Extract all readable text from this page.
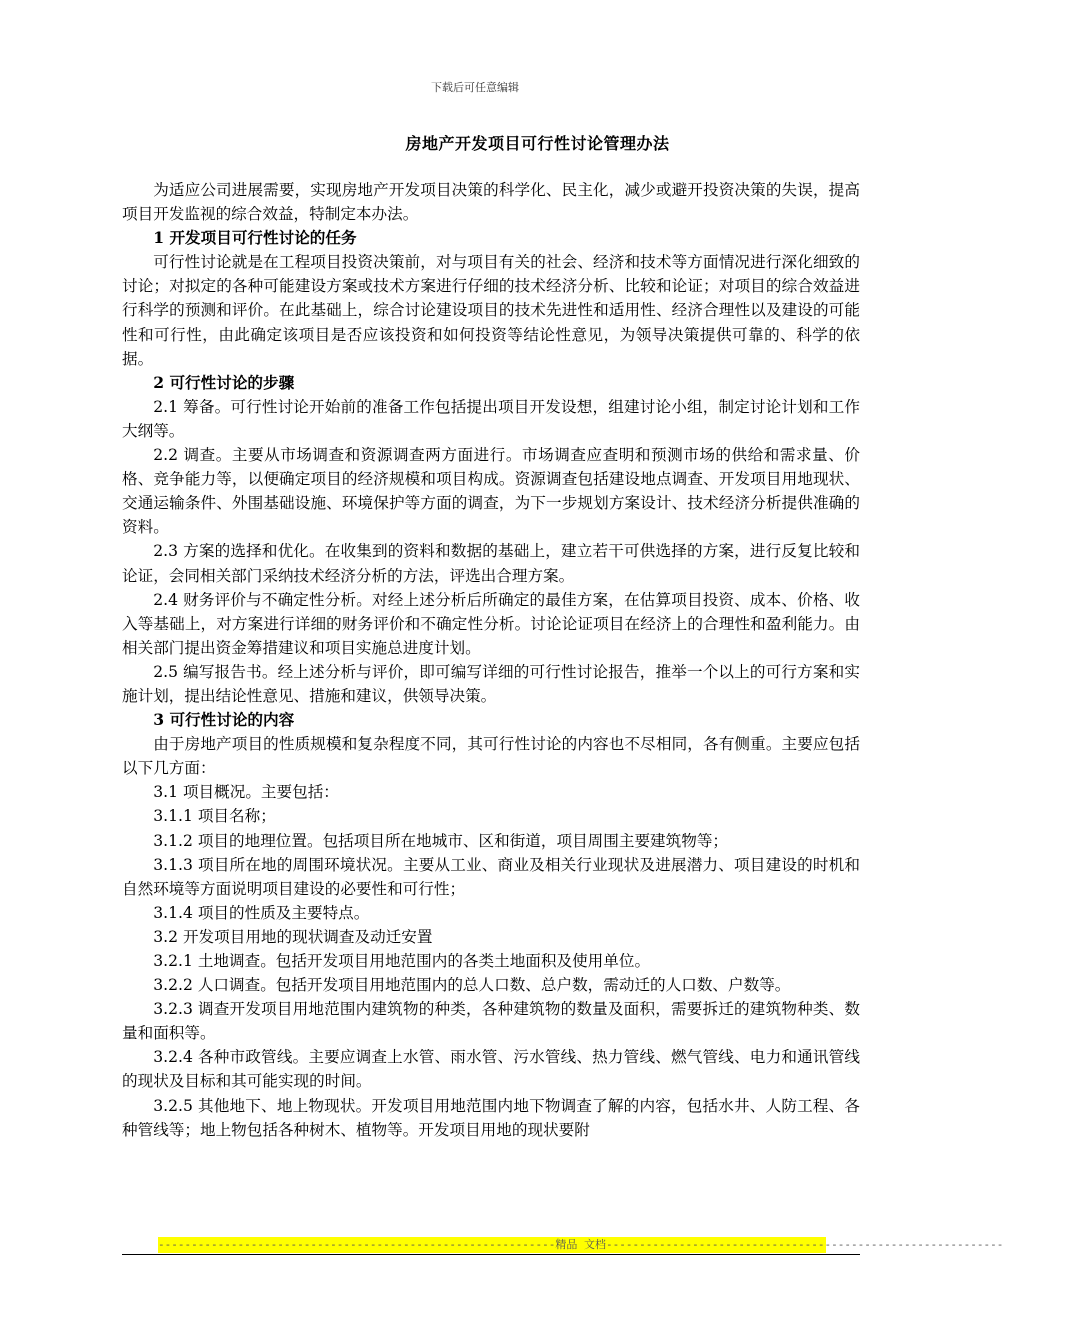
下载后可任意编辑
房地产开发项目可行性讨论管理办法

为适应公司进展需要，实现房地产开发项目决策的科学化、民主化，减少或避开投资决策的失误，提高项目开发监视的综合效益，特制定本办法。

1 开发项目可行性讨论的任务

可行性讨论就是在工程项目投资决策前，对与项目有关的社会、经济和技术等方面情况进行深化细致的讨论；对拟定的各种可能建设方案或技术方案进行仔细的技术经济分析、比较和论证；对项目的综合效益进行科学的预测和评价。在此基础上，综合讨论建设项目的技术先进性和适用性、经济合理性以及建设的可能性和可行性，由此确定该项目是否应该投资和如何投资等结论性意见，为领导决策提供可靠的、科学的依据。

2 可行性讨论的步骤

2.1 筹备。可行性讨论开始前的准备工作包括提出项目开发设想，组建讨论小组，制定讨论计划和工作大纲等。

2.2 调查。主要从市场调查和资源调查两方面进行。市场调查应查明和预测市场的供给和需求量、价格、竞争能力等，以便确定项目的经济规模和项目构成。资源调查包括建设地点调查、开发项目用地现状、交通运输条件、外围基础设施、环境保护等方面的调查，为下一步规划方案设计、技术经济分析提供准确的资料。

2.3 方案的选择和优化。在收集到的资料和数据的基础上，建立若干可供选择的方案，进行反复比较和论证，会同相关部门采纳技术经济分析的方法，评选出合理方案。

2.4 财务评价与不确定性分析。对经上述分析后所确定的最佳方案，在估算项目投资、成本、价格、收入等基础上，对方案进行详细的财务评价和不确定性分析。讨论论证项目在经济上的合理性和盈利能力。由相关部门提出资金筹措建议和项目实施总进度计划。

2.5 编写报告书。经上述分析与评价，即可编写详细的可行性讨论报告，推举一个以上的可行方案和实施计划，提出结论性意见、措施和建议，供领导决策。

3 可行性讨论的内容

由于房地产项目的性质规模和复杂程度不同，其可行性讨论的内容也不尽相同，各有侧重。主要应包括以下几方面：

3.1 项目概况。主要包括：

3.1.1 项目名称；

3.1.2 项目的地理位置。包括项目所在地城市、区和街道，项目周围主要建筑物等；

3.1.3 项目所在地的周围环境状况。主要从工业、商业及相关行业现状及进展潜力、项目建设的时机和自然环境等方面说明项目建设的必要性和可行性；

3.1.4 项目的性质及主要特点。

3.2 开发项目用地的现状调查及动迁安置

3.2.1 土地调查。包括开发项目用地范围内的各类土地面积及使用单位。

3.2.2 人口调查。包括开发项目用地范围内的总人口数、总户数，需动迁的人口数、户数等。

3.2.3 调查开发项目用地范围内建筑物的种类，各种建筑物的数量及面积，需要拆迁的建筑物种类、数量和面积等。

3.2.4 各种市政管线。主要应调查上水管、雨水管、污水管线、热力管线、燃气管线、电力和通讯管线的现状及目标和其可能实现的时间。

3.2.5 其他地下、地上物现状。开发项目用地范围内地下物调查了解的内容，包括水井、人防工程、各种管线等；地上物包括各种树木、植物等。开发项目用地的现状要附

------------------------------------------------------------精品 文档------------------------------------------------------------
